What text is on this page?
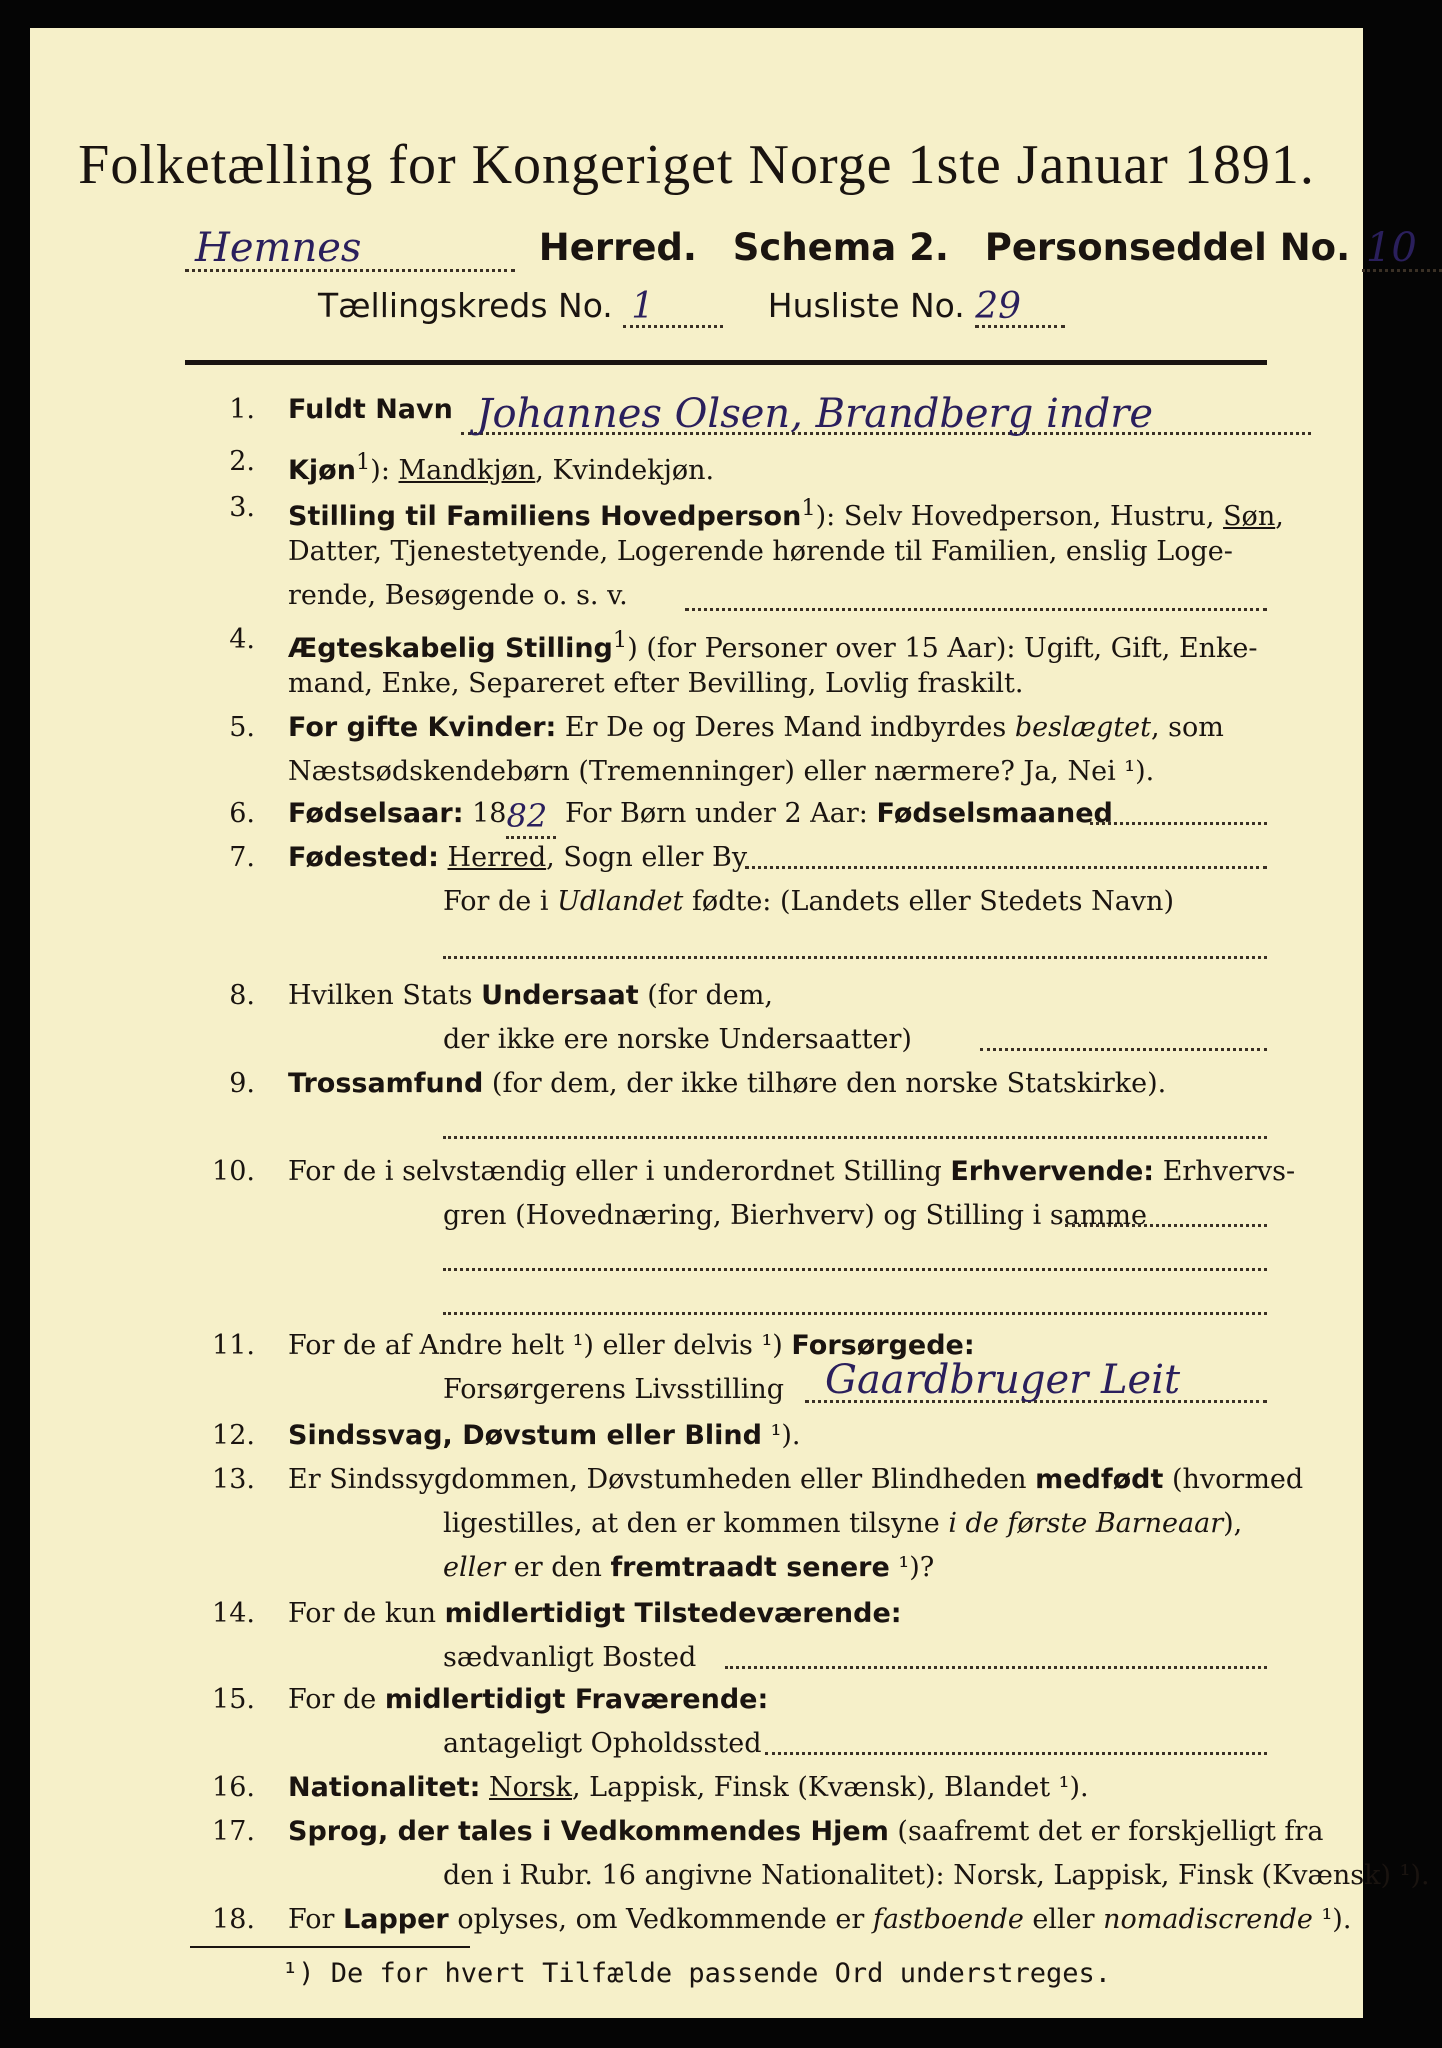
Folketælling for Kongeriget Norge 1ste Januar 1891.
Hemnes	Herred. Schema 2. Personseddel No. 10

Tællingskreds No. 1	Husliste No. 29

1. Fuldt Navn Johannes Olsen, Brandberg indre

2. Kjøn$^1$): Mandkjøn, Kvindekjøn.
3. Stilling til Familiens Hovedperson$^1$): Selv Hovedperson, Hustru, Søn,
Datter, Tjenestetyende, Logerende hørende til Familien, enslig Loge-
rende, Besøgende o. s. v.
4. Ægteskabelig Stilling$^1$) (for Personer over 15 Aar): Ugift, Gift, Enke-
mand, Enke, Separeret efter Bevilling, Lovlig fraskilt.
5. For gifte Kvinder: Er De og Deres Mand indbyrdes beslægtet, som
Næstsødskendebørn (Tremenninger) eller nærmere? Ja, Nei ¹).
6. Fødselsaar: 18 82 For Børn under 2 Aar: Fødselsmaaned
7. Fødested: Herred, Sogn eller By
For de i Udlandet fødte: (Landets eller Stedets Navn)
8. Hvilken Stats Undersaat (for dem,
der ikke ere norske Undersaatter)
9. Trossamfund (for dem, der ikke tilhøre den norske Statskirke).
10. For de i selvstændig eller i underordnet Stilling Erhvervende: Erhvervs-
gren (Hovednæring, Bierhverv) og Stilling i samme
11. For de af Andre helt ¹) eller delvis ¹) Forsørgede:
Forsørgerens Livsstilling	Gaardbruger Leit
12. Sindssvag, Døvstum eller Blind ¹).
13. Er Sindssygdommen, Døvstumheden eller Blindheden medfødt (hvormed
ligestilles, at den er kommen tilsyne i de første Barneaar),
eller er den fremtraadt senere ¹)?
14. For de kun midlertidigt Tilstedeværende:
sædvanligt Bosted
15. For de midlertidigt Fraværende:
antageligt Opholdssted
16. Nationalitet: Norsk, Lappisk, Finsk (Kvænsk), Blandet ¹).
17. Sprog, der tales i Vedkommendes Hjem (saafremt det er forskjelligt fra
den i Rubr. 16 angivne Nationalitet): Norsk, Lappisk, Finsk (Kvænsk) ¹).
18. For Lapper oplyses, om Vedkommende er fastboende eller nomadiscrende ¹).
¹) De for hvert Tilfælde passende Ord understreges.
